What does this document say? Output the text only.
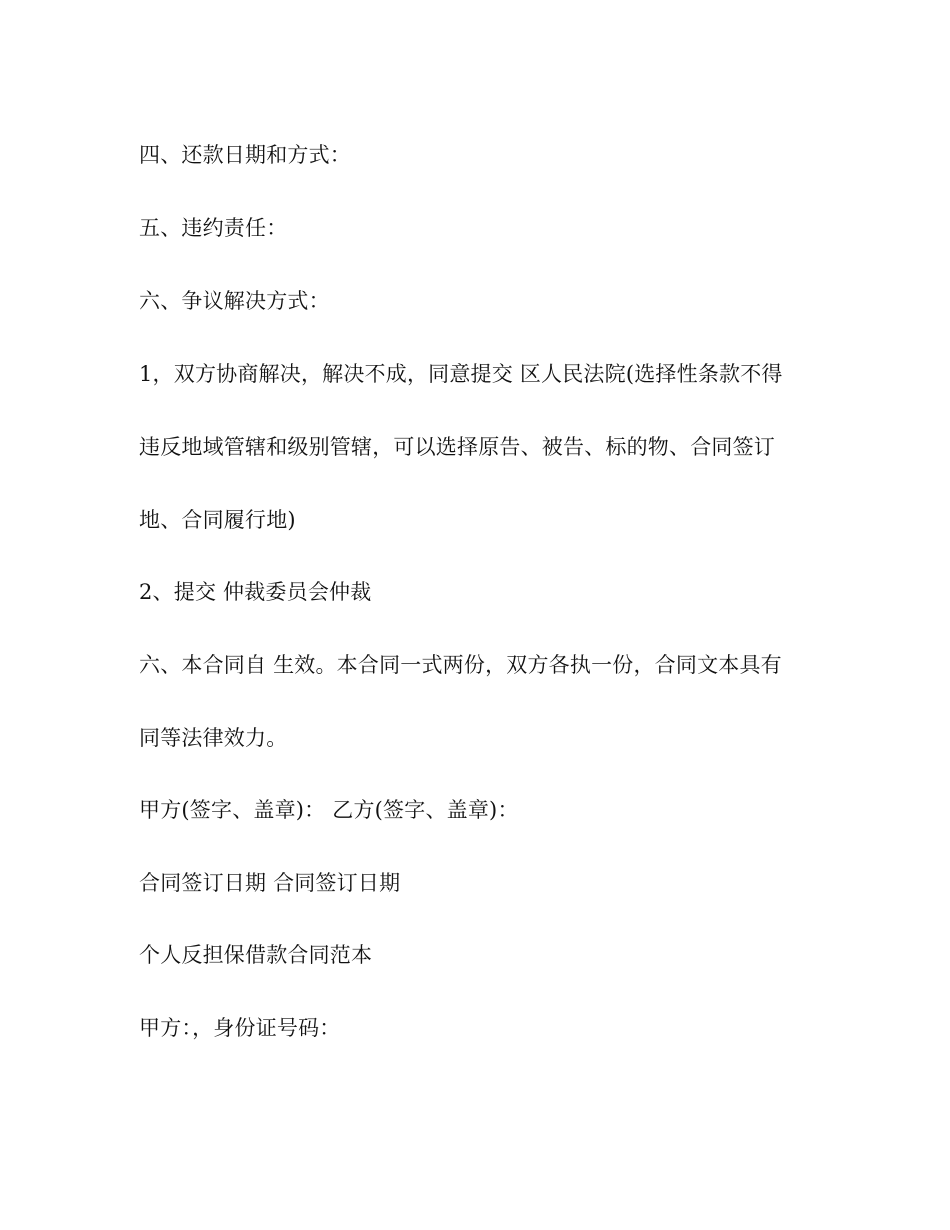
四、还款日期和方式：
五、违约责任：
六、争议解决方式：
1，双方协商解决，解决不成，同意提交 区人民法院(选择性条款不得
违反地域管辖和级别管辖，可以选择原告、被告、标的物、合同签订
地、合同履行地)
2、提交 仲裁委员会仲裁
六、本合同自 生效。本合同一式两份，双方各执一份，合同文本具有
同等法律效力。
甲方(签字、盖章)： 乙方(签字、盖章)：
合同签订日期 合同签订日期
个人反担保借款合同范本
甲方：，身份证号码：
